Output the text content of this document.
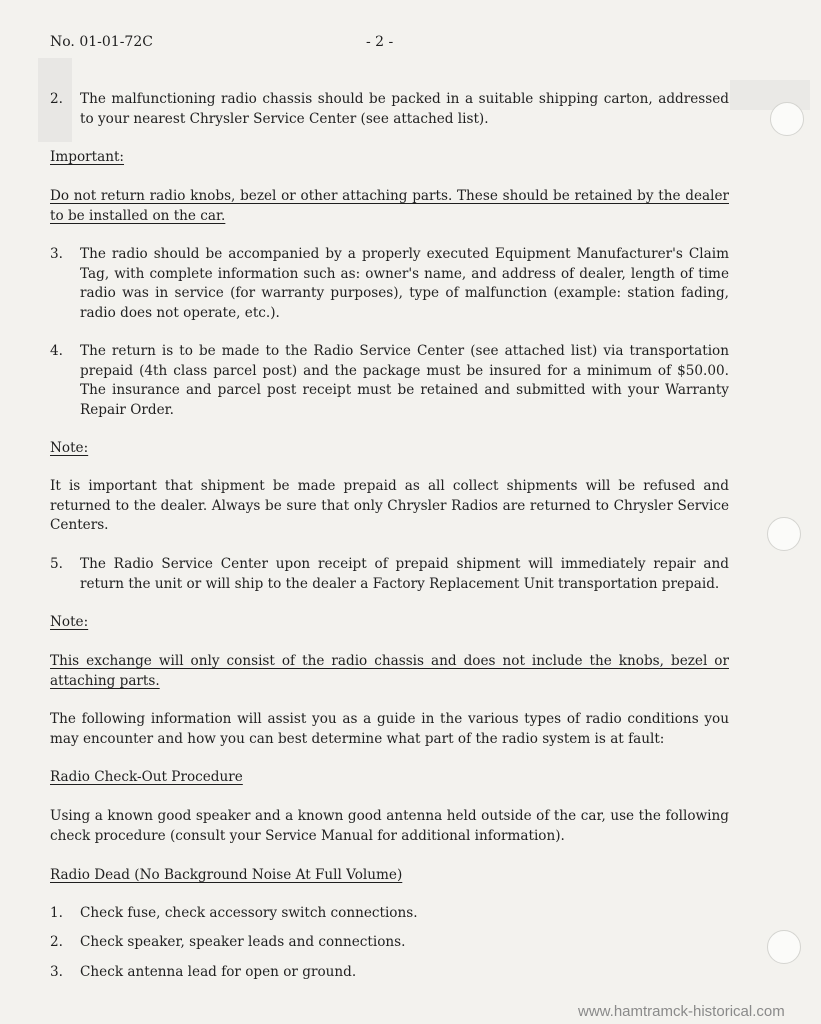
No. 01-01-72C	- 2 -

2.	The malfunctioning radio chassis should be packed in a suitable shipping carton, addressed to your nearest Chrysler Service Center (see attached list).

Important:

Do not return radio knobs, bezel or other attaching parts. These should be retained by the dealer to be installed on the car.

3.	The radio should be accompanied by a properly executed Equipment Manufacturer's Claim Tag, with complete information such as: owner's name, and address of dealer, length of time radio was in service (for warranty purposes), type of malfunction (example: station fading, radio does not operate, etc.).

4.	The return is to be made to the Radio Service Center (see attached list) via transportation prepaid (4th class parcel post) and the package must be insured for a minimum of $50.00. The insurance and parcel post receipt must be retained and submitted with your Warranty Repair Order.

Note:

It is important that shipment be made prepaid as all collect shipments will be refused and returned to the dealer. Always be sure that only Chrysler Radios are returned to Chrysler Service Centers.

5.	The Radio Service Center upon receipt of prepaid shipment will immediately repair and return the unit or will ship to the dealer a Factory Replacement Unit transportation prepaid.

Note:

This exchange will only consist of the radio chassis and does not include the knobs, bezel or attaching parts.

The following information will assist you as a guide in the various types of radio conditions you may encounter and how you can best determine what part of the radio system is at fault:

Radio Check-Out Procedure

Using a known good speaker and a known good antenna held outside of the car, use the following check procedure (consult your Service Manual for additional information).

Radio Dead (No Background Noise At Full Volume)

1.	Check fuse, check accessory switch connections.

2.	Check speaker, speaker leads and connections.

3.	Check antenna lead for open or ground.

www.hamtramck-historical.com
